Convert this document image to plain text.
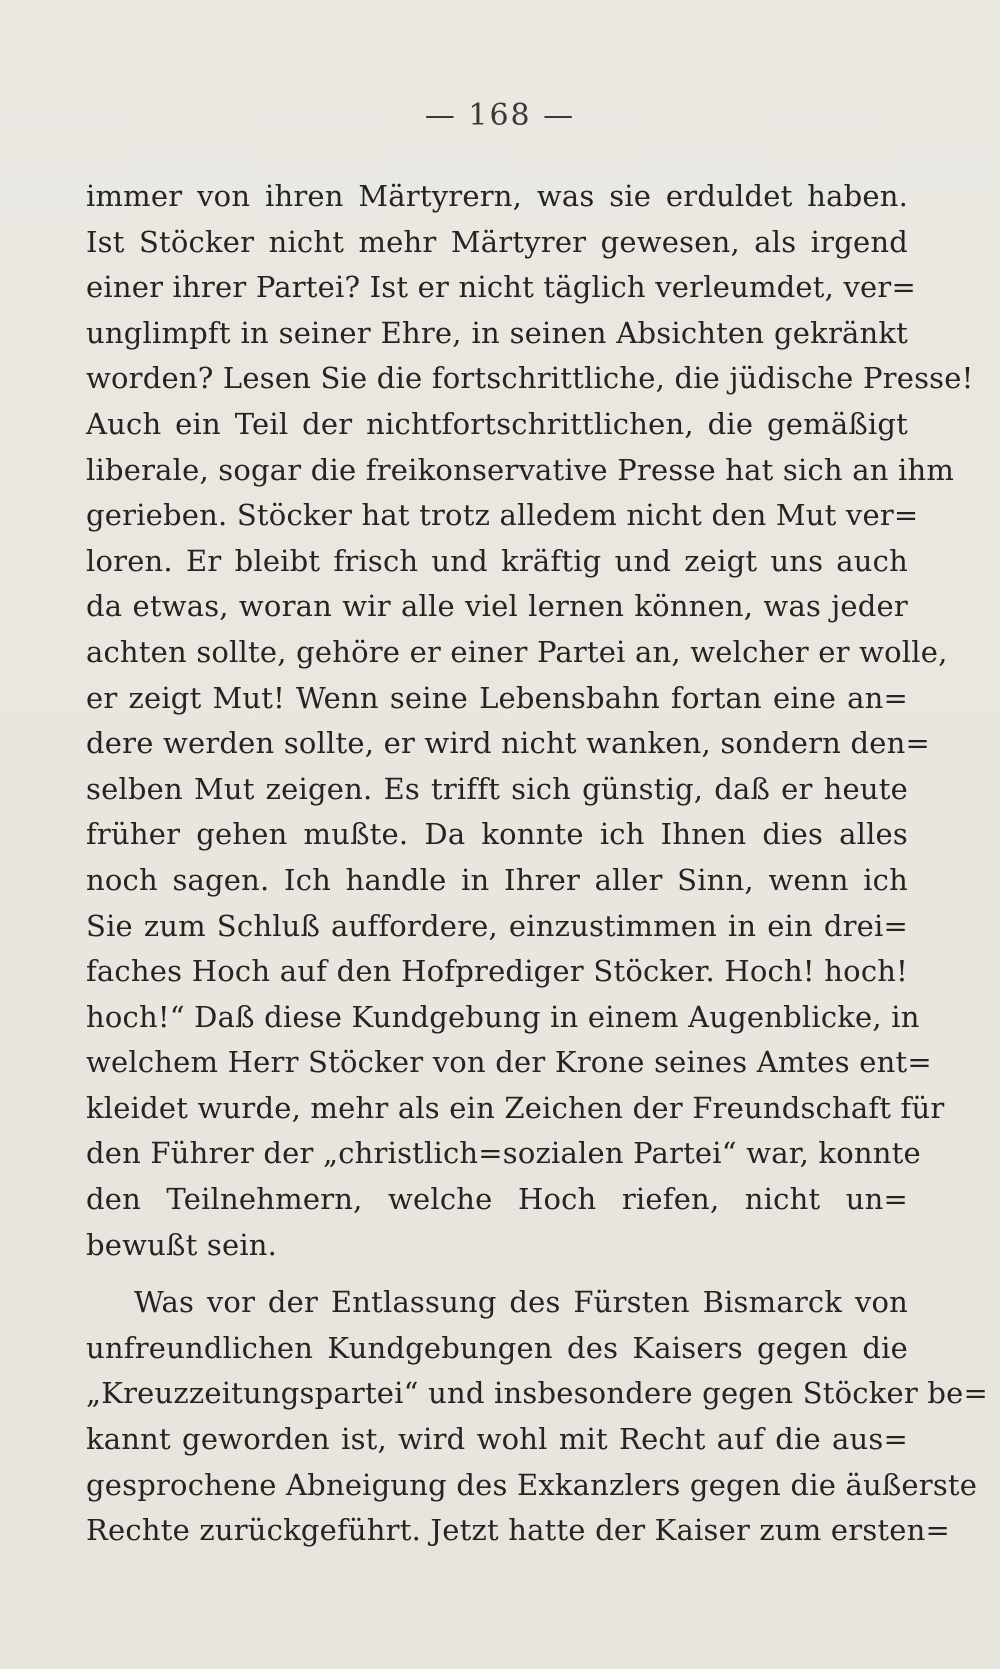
— 168 —
immer von ihren Märtyrern, was sie erduldet haben.
Ist Stöcker nicht mehr Märtyrer gewesen, als irgend
einer ihrer Partei? Ist er nicht täglich verleumdet, ver=
unglimpft in seiner Ehre, in seinen Absichten gekränkt
worden? Lesen Sie die fortschrittliche, die jüdische Presse!
Auch ein Teil der nichtfortschrittlichen, die gemäßigt
liberale, sogar die freikonservative Presse hat sich an ihm
gerieben. Stöcker hat trotz alledem nicht den Mut ver=
loren. Er bleibt frisch und kräftig und zeigt uns auch
da etwas, woran wir alle viel lernen können, was jeder
achten sollte, gehöre er einer Partei an, welcher er wolle,
er zeigt Mut! Wenn seine Lebensbahn fortan eine an=
dere werden sollte, er wird nicht wanken, sondern den=
selben Mut zeigen. Es trifft sich günstig, daß er heute
früher gehen mußte. Da konnte ich Ihnen dies alles
noch sagen. Ich handle in Ihrer aller Sinn, wenn ich
Sie zum Schluß auffordere, einzustimmen in ein drei=
faches Hoch auf den Hofprediger Stöcker. Hoch! hoch!
hoch!“ Daß diese Kundgebung in einem Augenblicke, in
welchem Herr Stöcker von der Krone seines Amtes ent=
kleidet wurde, mehr als ein Zeichen der Freundschaft für
den Führer der „christlich=sozialen Partei“ war, konnte
den Teilnehmern, welche Hoch riefen, nicht un=
bewußt sein.
Was vor der Entlassung des Fürsten Bismarck von
unfreundlichen Kundgebungen des Kaisers gegen die
„Kreuzzeitungspartei“ und insbesondere gegen Stöcker be=
kannt geworden ist, wird wohl mit Recht auf die aus=
gesprochene Abneigung des Exkanzlers gegen die äußerste
Rechte zurückgeführt. Jetzt hatte der Kaiser zum ersten=
